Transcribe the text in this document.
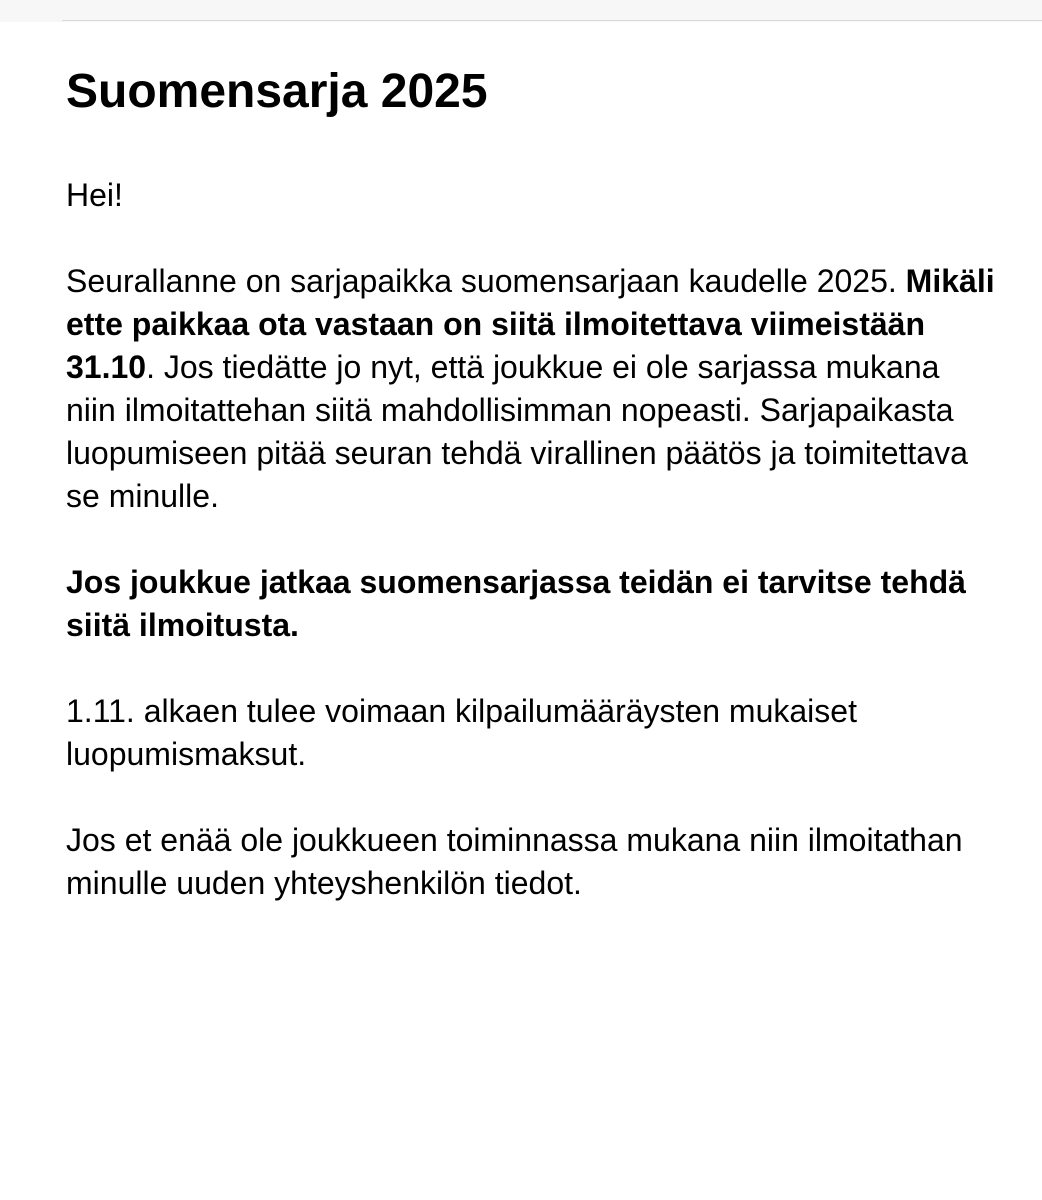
Suomensarja 2025

Hei!

Seurallanne on sarjapaikka suomensarjaan kaudelle 2025. Mikäli ette paikkaa ota vastaan on siitä ilmoitettava viimeistään 31.10. Jos tiedätte jo nyt, että joukkue ei ole sarjassa mukana niin ilmoitattehan siitä mahdollisimman nopeasti. Sarjapaikasta luopumiseen pitää seuran tehdä virallinen päätös ja toimitettava se minulle.

Jos joukkue jatkaa suomensarjassa teidän ei tarvitse tehdä siitä ilmoitusta.

1.11. alkaen tulee voimaan kilpailumääräysten mukaiset luopumismaksut.

Jos et enää ole joukkueen toiminnassa mukana niin ilmoitathan minulle uuden yhteyshenkilön tiedot.
